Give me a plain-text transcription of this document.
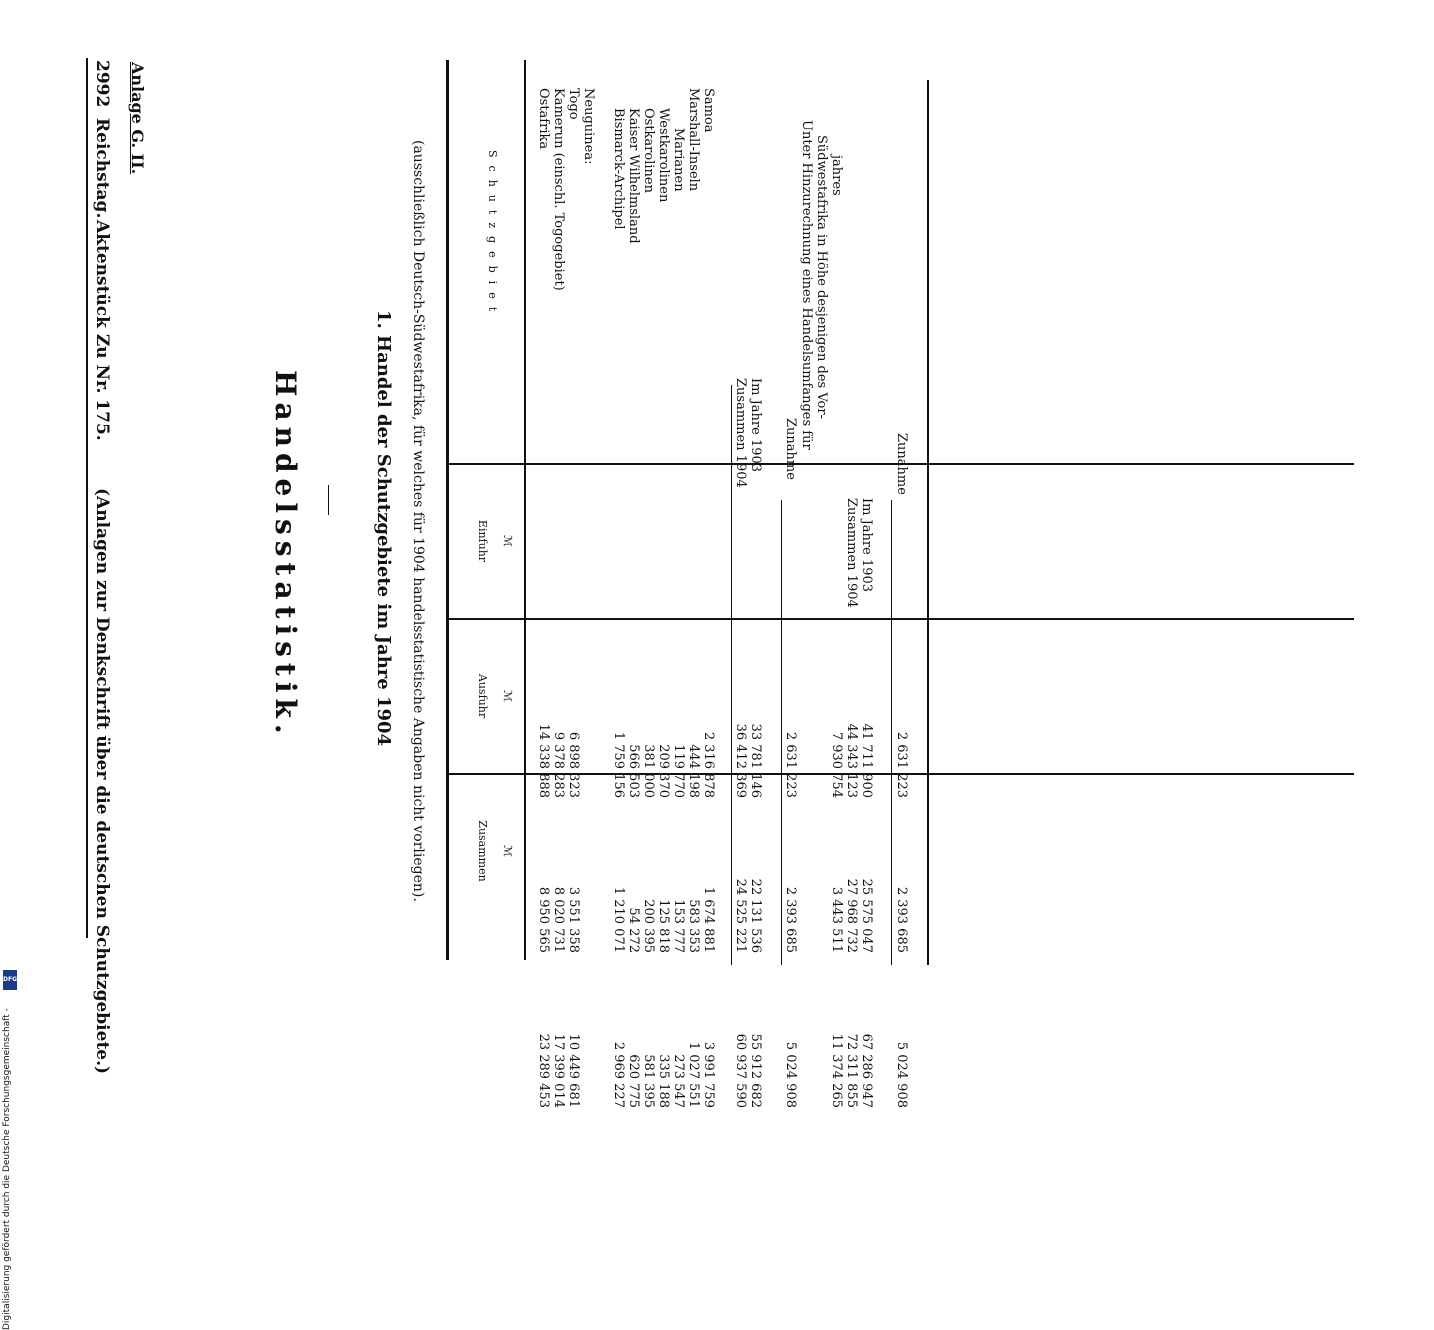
2992
Reichstag.
Aktenstück Zu Nr. 175.
(Anlagen zur Denkschrift über die deutschen Schutzgebiete.)
Anlage G. II.
Handelsstatistik.	1. Handel der Schutzgebiete im Jahre 1904 (ausschließlich Deutsch-Südwestafrika, für welches für 1904 handelsstatistische Angaben nicht vorliegen).	Schutzgebiet
Einfuhr ℳ
Ausfuhr ℳ
Zusammen ℳ
Ostafrika
14 338 888
8 950 565
23 289 453
Kamerun (einschl. Togogebiet)
9 378 283
8 020 731
17 399 014
Togo
6 898 323
3 551 358
10 449 681
Neuguinea: Bismarck-Archipel
1 759 156
1 210 071
2 969 227
Kaiser Wilhelmsland
566 503
54 272
620 775
Ostkarolinen
381 000
200 395
581 395
Westkarolinen
209 370
125 818
335 188
Marianen
119 770
153 777
273 547
Marshall-Inseln
444 198
583 353
1 027 551
Samoa
2 316 878
1 674 881
3 991 759
Zusammen 1904
36 412 369
24 525 221
60 937 590
Im Jahre 1903
33 781 146
22 131 536
55 912 682
Zunahme
2 631 223
2 393 685
5 024 908
Unter Hinzurechnung eines Handelsumfanges für Südwestafrika in Höhe desjenigen des Vor- jahres
7 930 754
3 443 511
11 374 265
Zusammen 1904
44 343 123
27 968 732
72 311 855
Im Jahre 1903
41 711 900
25 575 047
67 286 947
Zunahme
2 631 223
2 393 685
5 024 908
Digitalisierung gefördert durch die Deutsche Forschungsgemeinschaft -
DFG
